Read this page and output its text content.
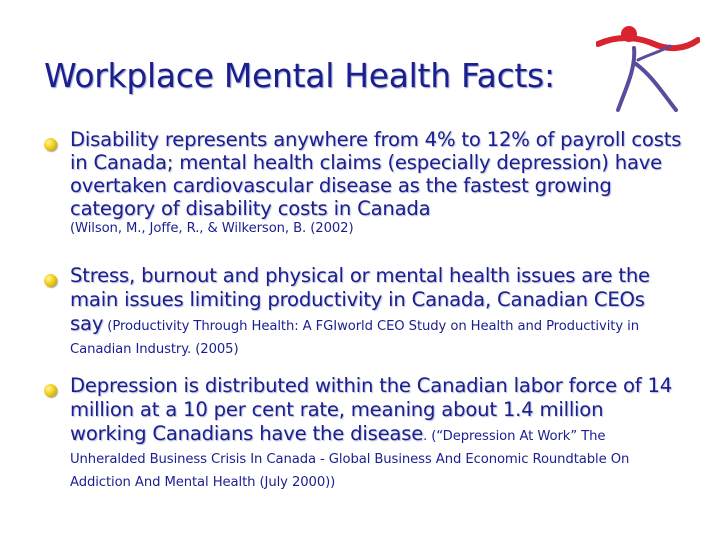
Workplace Mental Health Facts:
Disability represents anywhere from 4% to 12% of payroll costs in Canada; mental health claims (especially depression) have overtaken cardiovascular disease as the fastest growing category of disability costs in Canada
(Wilson, M., Joffe, R., & Wilkerson, B. (2002)
Stress, burnout and physical or mental health issues are the main issues limiting productivity in Canada, Canadian CEOs say (Productivity Through Health: A FGIworld CEO Study on Health and Productivity in Canadian Industry. (2005)
Depression is distributed within the Canadian labor force of 14 million at a 10 per cent rate, meaning about 1.4 million working Canadians have the disease. (“Depression At Work” The Unheralded Business Crisis In Canada - Global Business And Economic Roundtable On Addiction And Mental Health (July 2000))
